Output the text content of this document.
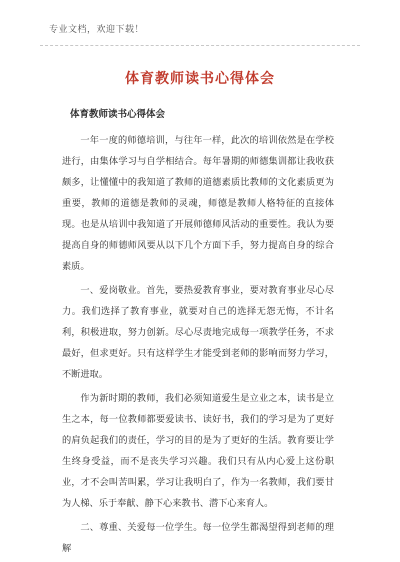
专业文档，欢迎下载！
体育教师读书心得体会
体育教师读书心得体会

一年一度的师德培训，与往年一样，此次的培训依然是在学校进行，由集体学习与自学相结合。每年暑期的师德集训都让我收获颇多，让懂懂中的我知道了教师的道德素质比教师的文化素质更为重要，教师的道德是教师的灵魂，师德是教师人格特征的直接体现。也是从培训中我知道了开展师德师风活动的重要性。我认为要提高自身的师德师风要从以下几个方面下手，努力提高自身的综合素质。

一、爱岗敬业。首先，要热爱教育事业，要对教育事业尽心尽力。我们选择了教育事业，就要对自己的选择无怨无悔，不计名利，积极进取，努力创新。尽心尽责地完成每一项教学任务，不求最好，但求更好。只有这样学生才能受到老师的影响而努力学习，不断进取。

作为新时期的教师，我们必须知道爱生是立业之本，读书是立生之本，每一位教师都要爱读书、读好书，我们的学习是为了更好的肩负起我们的责任，学习的目的是为了更好的生活。教育要让学生终身受益，而不是丧失学习兴趣。我们只有从内心爱上这份职业，才不会叫苦叫累，学习让我明白了，作为一名教师，我们要甘为人梯、乐于奉献、静下心来教书、潜下心来育人。

二、尊重、关爱每一位学生。每一位学生都渴望得到老师的理解
